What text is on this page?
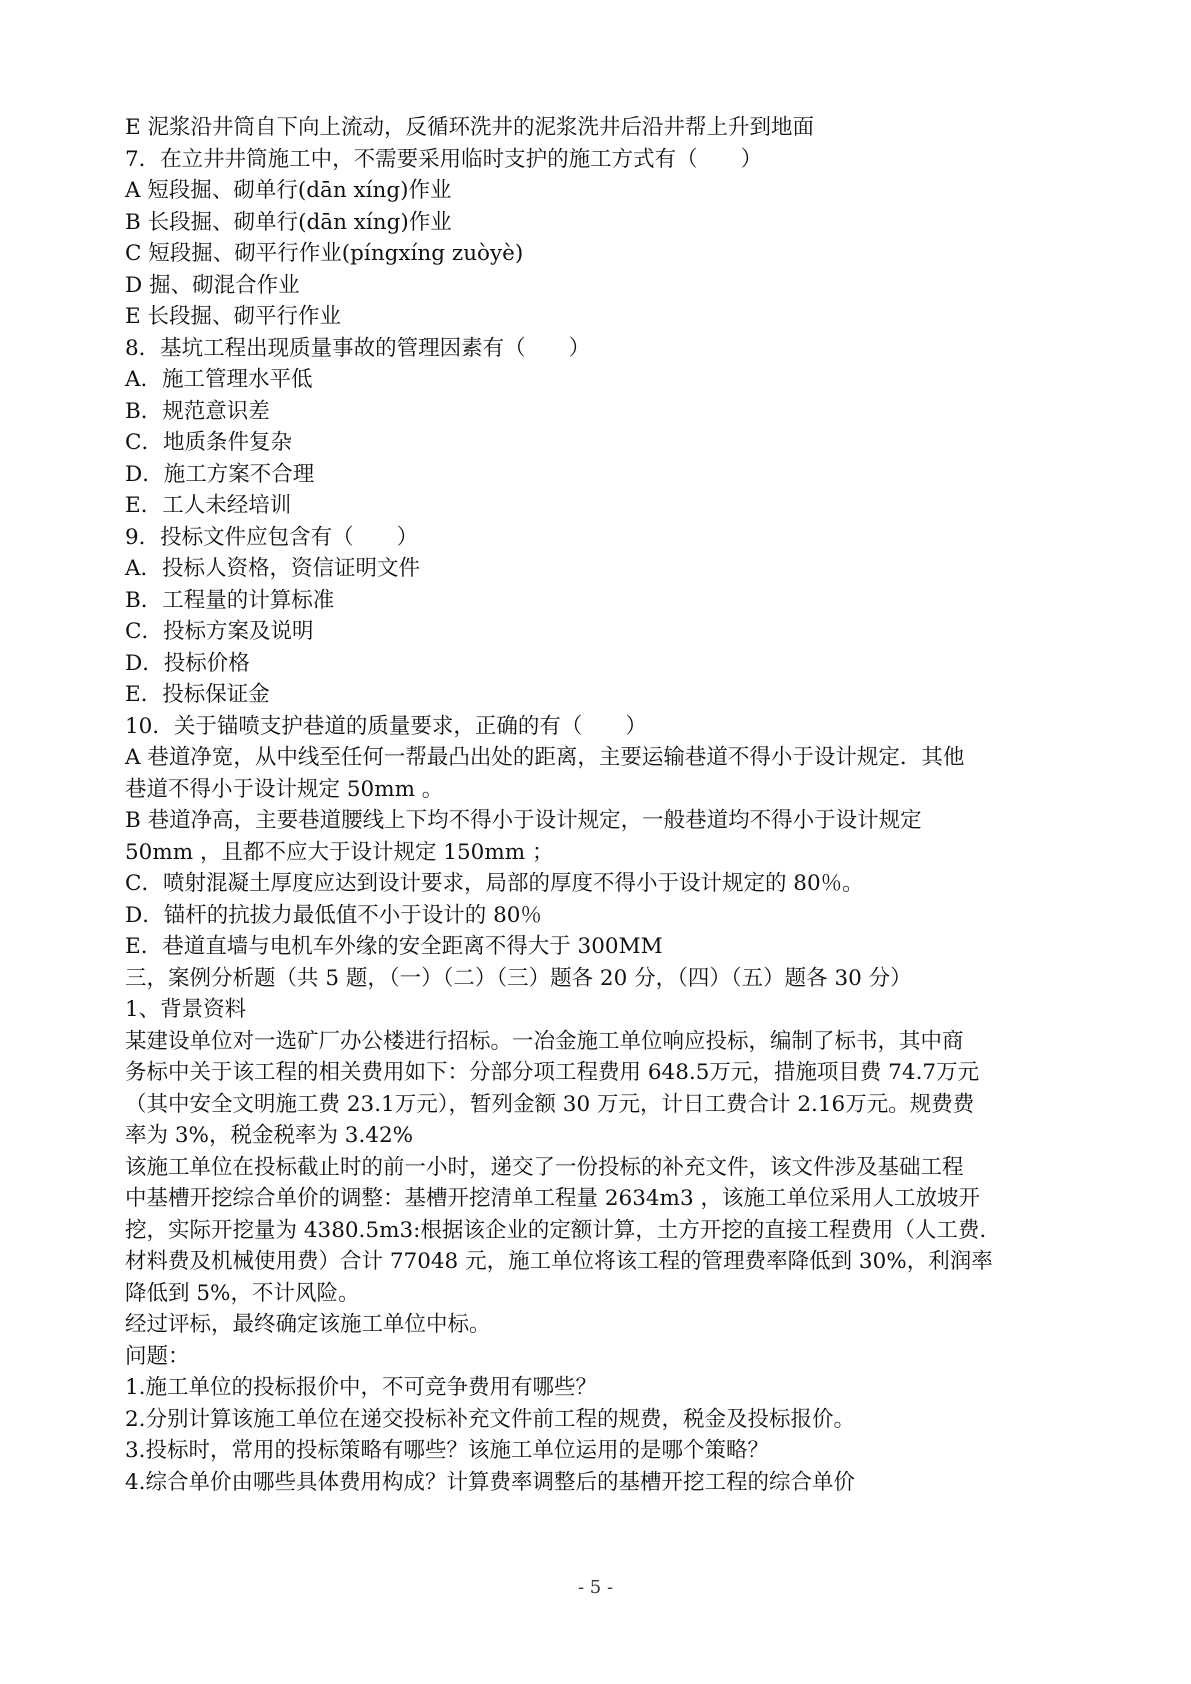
E 泥浆沿井筒自下向上流动，反循环洗井的泥浆洗井后沿井帮上升到地面
7．在立井井筒施工中，不需要采用临时支护的施工方式有（　　）
A 短段掘、砌单行(dān xíng)作业
B 长段掘、砌单行(dān xíng)作业
C 短段掘、砌平行作业(píngxíng zuòyè)
D 掘、砌混合作业
E 长段掘、砌平行作业
8．基坑工程出现质量事故的管理因素有（　　）
A．施工管理水平低
B．规范意识差
C．地质条件复杂
D．施工方案不合理
E．工人未经培训
9．投标文件应包含有（　　）
A．投标人资格，资信证明文件
B．工程量的计算标准
C．投标方案及说明
D．投标价格
E．投标保证金
10．关于锚喷支护巷道的质量要求，正确的有（　　）
A 巷道净宽，从中线至任何一帮最凸出处的距离，主要运输巷道不得小于设计规定．其他
巷道不得小于设计规定 50mm 。
B 巷道净高，主要巷道腰线上下均不得小于设计规定，一般巷道均不得小于设计规定
50mm ，且都不应大于设计规定 150mm ；
C．喷射混凝土厚度应达到设计要求，局部的厚度不得小于设计规定的 80％。
D．锚杆的抗拔力最低值不小于设计的 80％
E．巷道直墙与电机车外缘的安全距离不得大于 300MM
三，案例分析题（共 5 题，（一）（二）（三）题各 20 分，（四）（五）题各 30 分）
1、背景资料
某建设单位对一选矿厂办公楼进行招标。一冶金施工单位响应投标，编制了标书，其中商
务标中关于该工程的相关费用如下：分部分项工程费用 648.5万元，措施项目费 74.7万元
（其中安全文明施工费 23.1万元），暂列金额 30 万元，计日工费合计 2.16万元。规费费
率为 3%，税金税率为 3.42%
该施工单位在投标截止时的前一小时，递交了一份投标的补充文件，该文件涉及基础工程
中基槽开挖综合单价的调整：基槽开挖清单工程量 2634m3 ，该施工单位采用人工放坡开
挖，实际开挖量为 4380.5m3:根据该企业的定额计算，土方开挖的直接工程费用（人工费.
材料费及机械使用费）合计 77048 元，施工单位将该工程的管理费率降低到 30%，利润率
降低到 5%，不计风险。
经过评标，最终确定该施工单位中标。
问题：
1.施工单位的投标报价中，不可竞争费用有哪些？
2.分别计算该施工单位在递交投标补充文件前工程的规费，税金及投标报价。
3.投标时，常用的投标策略有哪些？该施工单位运用的是哪个策略？
4.综合单价由哪些具体费用构成？计算费率调整后的基槽开挖工程的综合单价
- 5 -
